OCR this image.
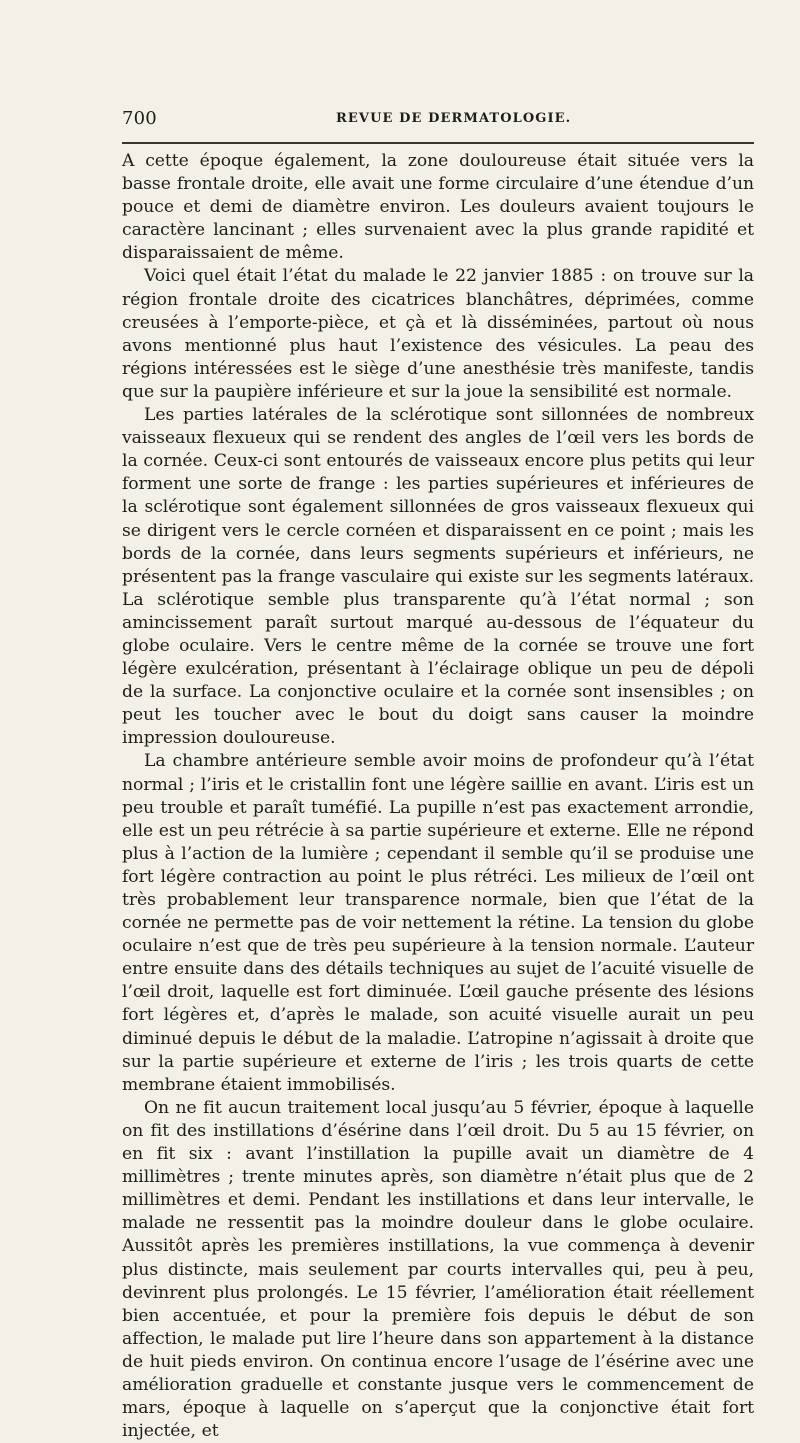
700	REVUE DE DERMATOLOGIE.

A cette époque également, la zone douloureuse était située vers la basse frontale droite, elle avait une forme circulaire d’une étendue d’un pouce et demi de diamètre environ. Les douleurs avaient toujours le caractère lancinant ; elles survenaient avec la plus grande rapidité et disparaissaient de même.

Voici quel était l’état du malade le 22 janvier 1885 : on trouve sur la région frontale droite des cicatrices blanchâtres, déprimées, comme creusées à l’emporte-pièce, et çà et là disséminées, partout où nous avons mentionné plus haut l’existence des vésicules. La peau des régions intéressées est le siège d’une anesthésie très manifeste, tandis que sur la paupière inférieure et sur la joue la sensibilité est normale.

Les parties latérales de la sclérotique sont sillonnées de nombreux vaisseaux flexueux qui se rendent des angles de l’œil vers les bords de la cornée. Ceux-ci sont entourés de vaisseaux encore plus petits qui leur forment une sorte de frange : les parties supérieures et inférieures de la sclérotique sont également sillonnées de gros vaisseaux flexueux qui se dirigent vers le cercle cornéen et disparaissent en ce point ; mais les bords de la cornée, dans leurs segments supérieurs et inférieurs, ne présentent pas la frange vasculaire qui existe sur les segments latéraux. La sclérotique semble plus transparente qu’à l’état normal ; son amincissement paraît surtout marqué au-dessous de l’équateur du globe oculaire. Vers le centre même de la cornée se trouve une fort légère exulcération, présentant à l’éclairage oblique un peu de dépoli de la surface. La conjonctive oculaire et la cornée sont insensibles ; on peut les toucher avec le bout du doigt sans causer la moindre impression douloureuse.

La chambre antérieure semble avoir moins de profondeur qu’à l’état normal ; l’iris et le cristallin font une légère saillie en avant. L’iris est un peu trouble et paraît tuméfié. La pupille n’est pas exactement arrondie, elle est un peu rétrécie à sa partie supérieure et externe. Elle ne répond plus à l’action de la lumière ; cependant il semble qu’il se produise une fort légère contraction au point le plus rétréci. Les milieux de l’œil ont très probablement leur transparence normale, bien que l’état de la cornée ne permette pas de voir nettement la rétine. La tension du globe oculaire n’est que de très peu supérieure à la tension normale. L’auteur entre ensuite dans des détails techniques au sujet de l’acuité visuelle de l’œil droit, laquelle est fort diminuée. L’œil gauche présente des lésions fort légères et, d’après le malade, son acuité visuelle aurait un peu diminué depuis le début de la maladie. L’atropine n’agissait à droite que sur la partie supérieure et externe de l’iris ; les trois quarts de cette membrane étaient immobilisés.

On ne fit aucun traitement local jusqu’au 5 février, époque à laquelle on fit des instillations d’ésérine dans l’œil droit. Du 5 au 15 février, on en fit six : avant l’instillation la pupille avait un diamètre de 4 millimètres ; trente minutes après, son diamètre n’était plus que de 2 millimètres et demi. Pendant les instillations et dans leur intervalle, le malade ne ressentit pas la moindre douleur dans le globe oculaire. Aussitôt après les premières instillations, la vue commença à devenir plus distincte, mais seulement par courts intervalles qui, peu à peu, devinrent plus prolongés. Le 15 février, l’amélioration était réellement bien accentuée, et pour la première fois depuis le début de son affection, le malade put lire l’heure dans son appartement à la distance de huit pieds environ. On continua encore l’usage de l’ésérine avec une amélioration graduelle et constante jusque vers le commencement de mars, époque à laquelle on s’aperçut que la conjonctive était fort injectée, et
